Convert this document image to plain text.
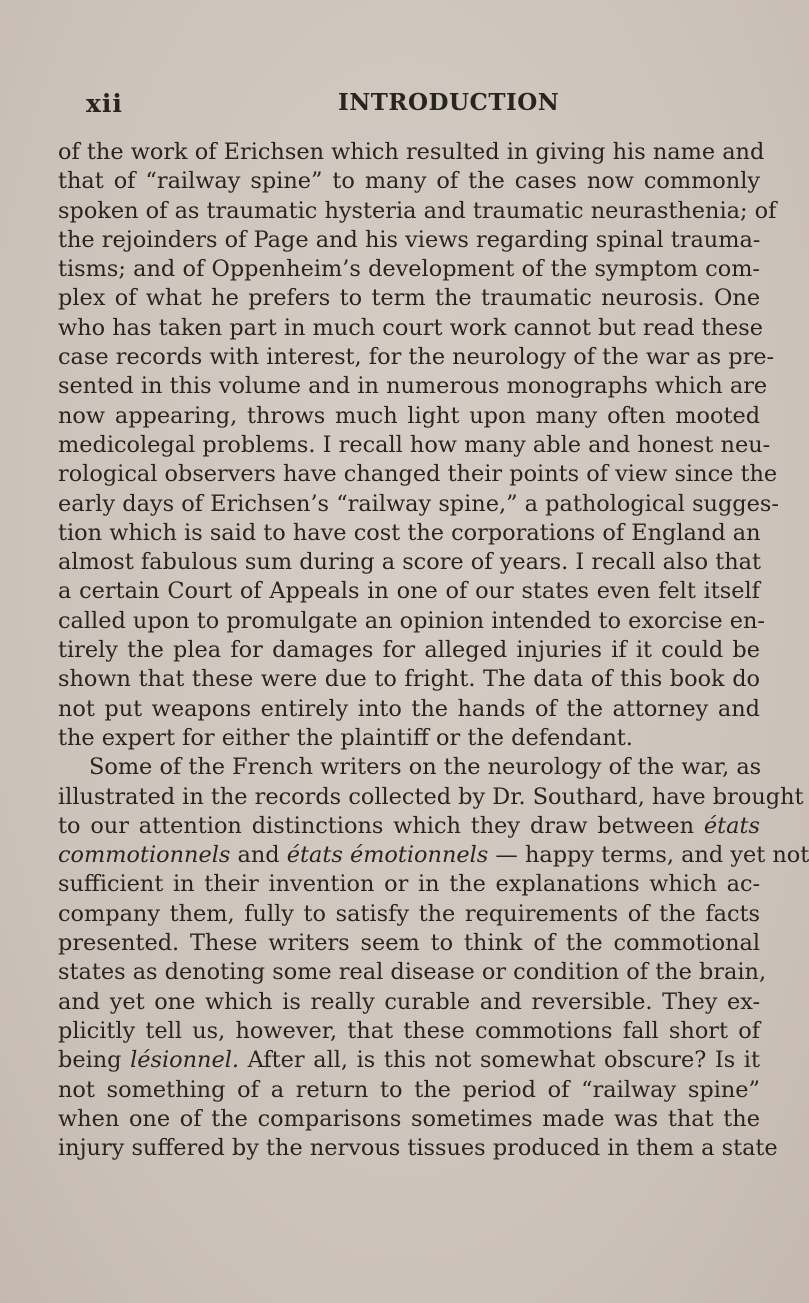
xii	INTRODUCTION
of the work of Erichsen which resulted in giving his name and
that of “railway spine” to many of the cases now commonly
spoken of as traumatic hysteria and traumatic neurasthenia; of
the rejoinders of Page and his views regarding spinal trauma-
tisms; and of Oppenheim’s development of the symptom com-
plex of what he prefers to term the traumatic neurosis. One
who has taken part in much court work cannot but read these
case records with interest, for the neurology of the war as pre-
sented in this volume and in numerous monographs which are
now appearing, throws much light upon many often mooted
medicolegal problems. I recall how many able and honest neu-
rological observers have changed their points of view since the
early days of Erichsen’s “railway spine,” a pathological sugges-
tion which is said to have cost the corporations of England an
almost fabulous sum during a score of years. I recall also that
a certain Court of Appeals in one of our states even felt itself
called upon to promulgate an opinion intended to exorcise en-
tirely the plea for damages for alleged injuries if it could be
shown that these were due to fright. The data of this book do
not put weapons entirely into the hands of the attorney and
the expert for either the plaintiff or the defendant.
Some of the French writers on the neurology of the war, as
illustrated in the records collected by Dr. Southard, have brought
to our attention distinctions which they draw between états
commotionnels and états émotionnels — happy terms, and yet not
sufficient in their invention or in the explanations which ac-
company them, fully to satisfy the requirements of the facts
presented. These writers seem to think of the commotional
states as denoting some real disease or condition of the brain,
and yet one which is really curable and reversible. They ex-
plicitly tell us, however, that these commotions fall short of
being lésionnel. After all, is this not somewhat obscure? Is it
not something of a return to the period of “railway spine”
when one of the comparisons sometimes made was that the
injury suffered by the nervous tissues produced in them a state
